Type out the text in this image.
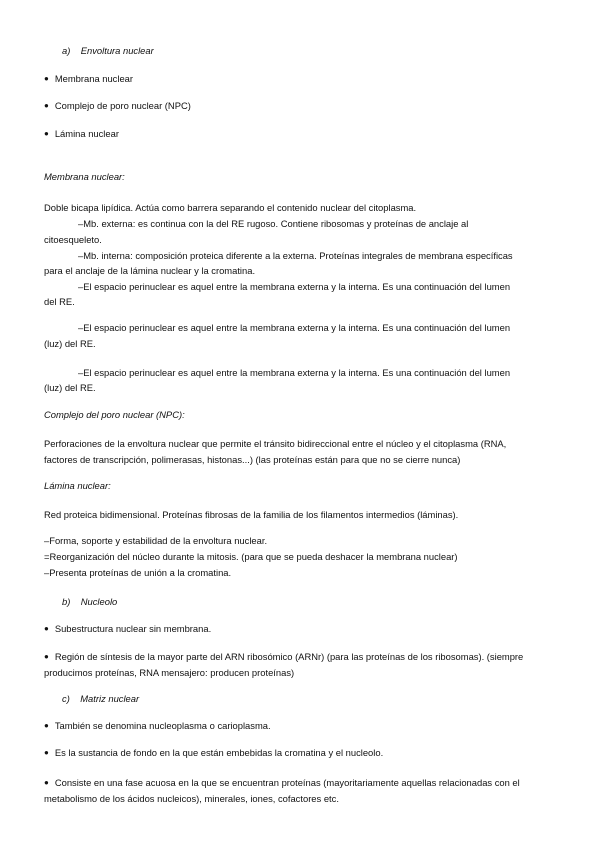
a) Envoltura nuclear
● Membrana nuclear
● Complejo de poro nuclear (NPC)
● Lámina nuclear
Membrana nuclear:
Doble bicapa lipídica. Actúa como barrera separando el contenido nuclear del citoplasma.
–Mb. externa: es continua con la del RE rugoso. Contiene ribosomas y proteínas de anclaje al
citoesqueleto.
–Mb. interna: composición proteica diferente a la externa. Proteínas integrales de membrana específicas
para el anclaje de la lámina nuclear y la cromatina.
–El espacio perinuclear es aquel entre la membrana externa y la interna. Es una continuación del lumen
del RE.
–El espacio perinuclear es aquel entre la membrana externa y la interna. Es una continuación del lumen
(luz) del RE.
–El espacio perinuclear es aquel entre la membrana externa y la interna. Es una continuación del lumen
(luz) del RE.
Complejo del poro nuclear (NPC):
Perforaciones de la envoltura nuclear que permite el tránsito bidireccional entre el núcleo y el citoplasma (RNA,
factores de transcripción, polimerasas, histonas...) (las proteínas están para que no se cierre nunca)
Lámina nuclear:
Red proteica bidimensional. Proteínas fibrosas de la familia de los filamentos intermedios (láminas).
–Forma, soporte y estabilidad de la envoltura nuclear.
=Reorganización del núcleo durante la mitosis. (para que se pueda deshacer la membrana nuclear)
–Presenta proteínas de unión a la cromatina.
b) Nucleolo
● Subestructura nuclear sin membrana.
● Región de síntesis de la mayor parte del ARN ribosómico (ARNr) (para las proteínas de los ribosomas). (siempre
producimos proteínas, RNA mensajero: producen proteínas)
c) Matriz nuclear
● También se denomina nucleoplasma o carioplasma.
● Es la sustancia de fondo en la que están embebidas la cromatina y el nucleolo.
● Consiste en una fase acuosa en la que se encuentran proteínas (mayoritariamente aquellas relacionadas con el
metabolismo de los ácidos nucleicos), minerales, iones, cofactores etc.
